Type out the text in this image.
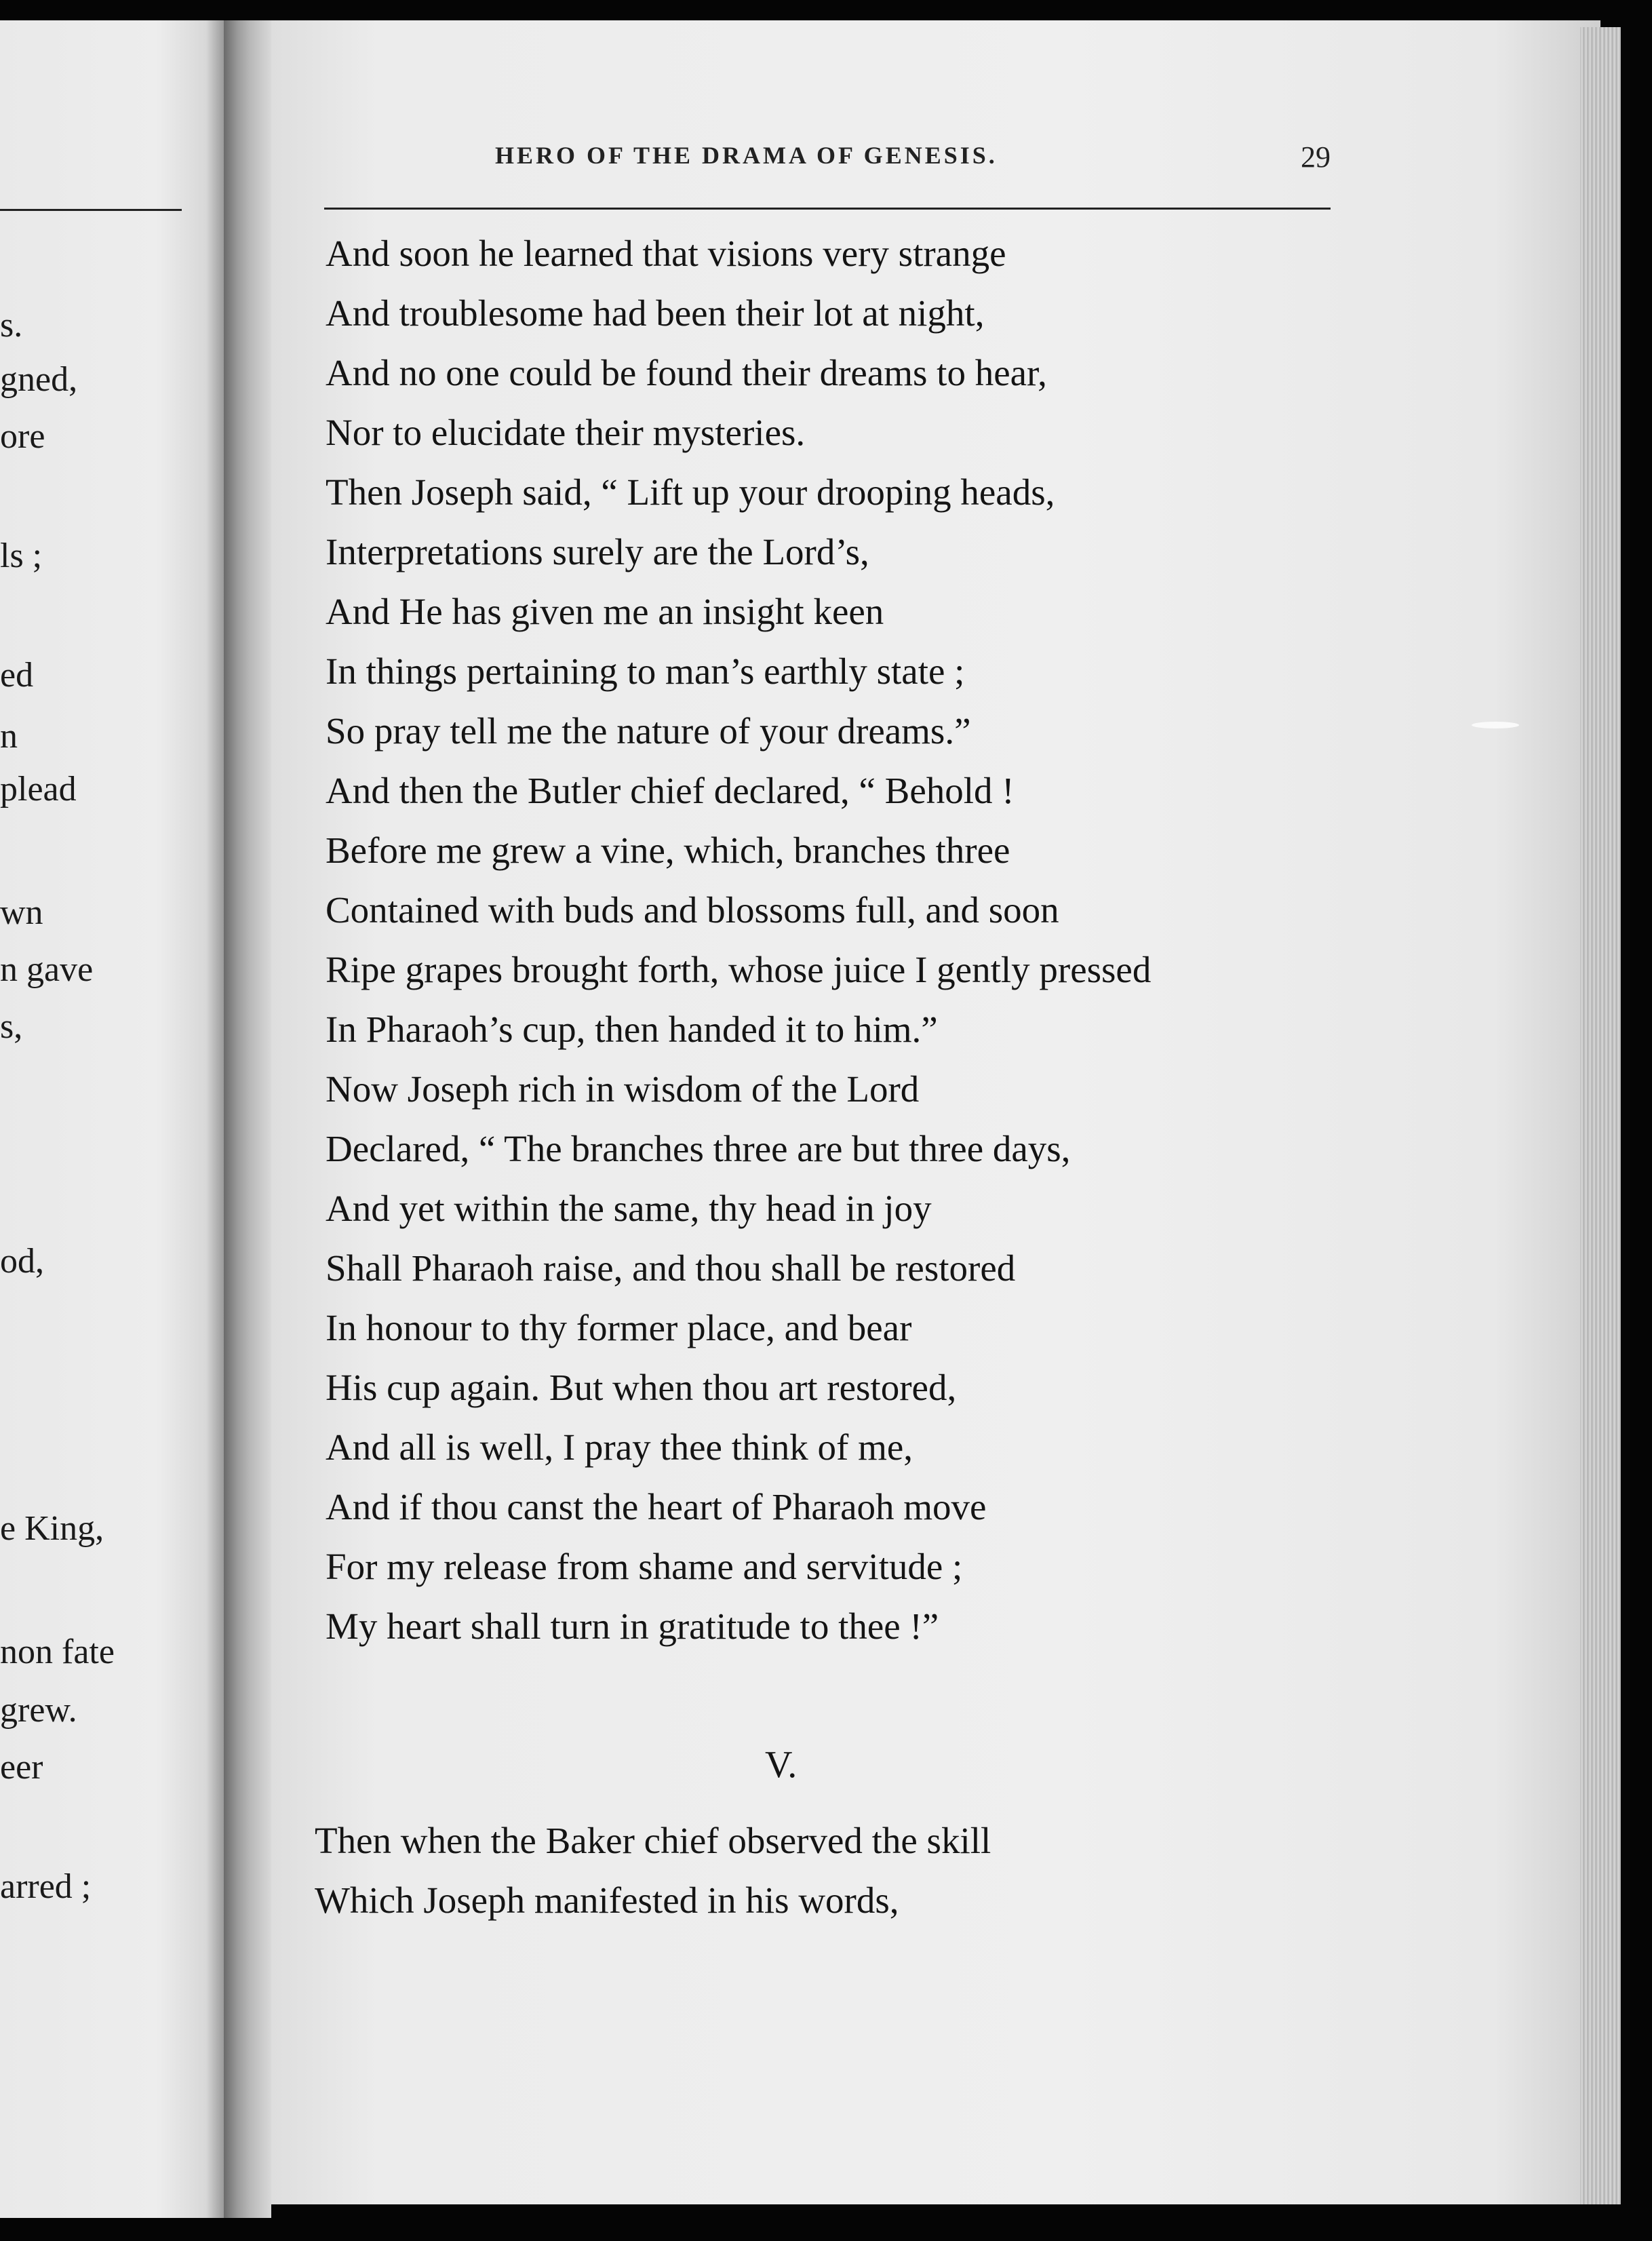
s.
gned,
ore
ls ;
ed
n
plead
wn
n gave
s,
od,
e King,
non fate
grew.
eer
arred ;
HERO OF THE DRAMA OF GENESIS.	29
And soon he learned that visions very strange
And troublesome had been their lot at night,
And no one could be found their dreams to hear,
Nor to elucidate their mysteries.
Then Joseph said, “ Lift up your drooping heads,
Interpretations surely are the Lord’s,
And He has given me an insight keen
In things pertaining to man’s earthly state ;
So pray tell me the nature of your dreams.”
And then the Butler chief declared, “ Behold !
Before me grew a vine, which, branches three
Contained with buds and blossoms full, and soon
Ripe grapes brought forth, whose juice I gently pressed
In Pharaoh’s cup, then handed it to him.”
Now Joseph rich in wisdom of the Lord
Declared, “ The branches three are but three days,
And yet within the same, thy head in joy
Shall Pharaoh raise, and thou shall be restored
In honour to thy former place, and bear
His cup again. But when thou art restored,
And all is well, I pray thee think of me,
And if thou canst the heart of Pharaoh move
For my release from shame and servitude ;
My heart shall turn in gratitude to thee !”
V.
Then when the Baker chief observed the skill
Which Joseph manifested in his words,
